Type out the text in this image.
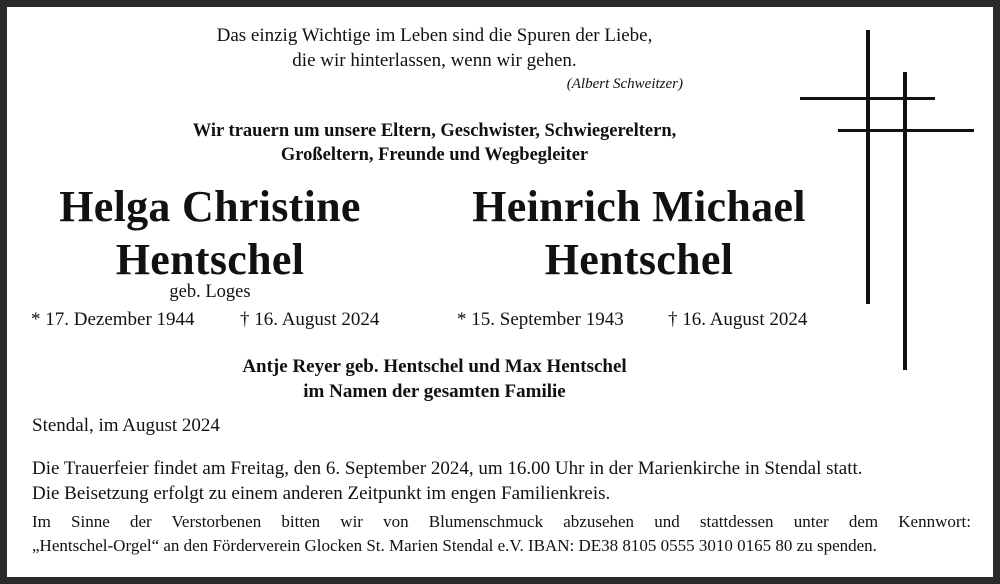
Das einzig Wichtige im Leben sind die Spuren der Liebe,
die wir hinterlassen, wenn wir gehen.
(Albert Schweitzer)
Wir trauern um unsere Eltern, Geschwister, Schwiegereltern,
Großeltern, Freunde und Wegbegleiter
Helga Christine
Hentschel
geb. Loges
* 17. Dezember 1944 † 16. August 2024
Heinrich Michael
Hentschel
* 15. September 1943 † 16. August 2024
Antje Reyer geb. Hentschel und Max Hentschel
im Namen der gesamten Familie
Stendal, im August 2024
Die Trauerfeier findet am Freitag, den 6. September 2024, um 16.00 Uhr in der Marienkirche in Stendal statt.
Die Beisetzung erfolgt zu einem anderen Zeitpunkt im engen Familienkreis.
Im Sinne der Verstorbenen bitten wir von Blumenschmuck abzusehen und stattdessen unter dem Kennwort:
„Hentschel-Orgel“ an den Förderverein Glocken St. Marien Stendal e.V. IBAN: DE38 8105 0555 3010 0165 80 zu spenden.
